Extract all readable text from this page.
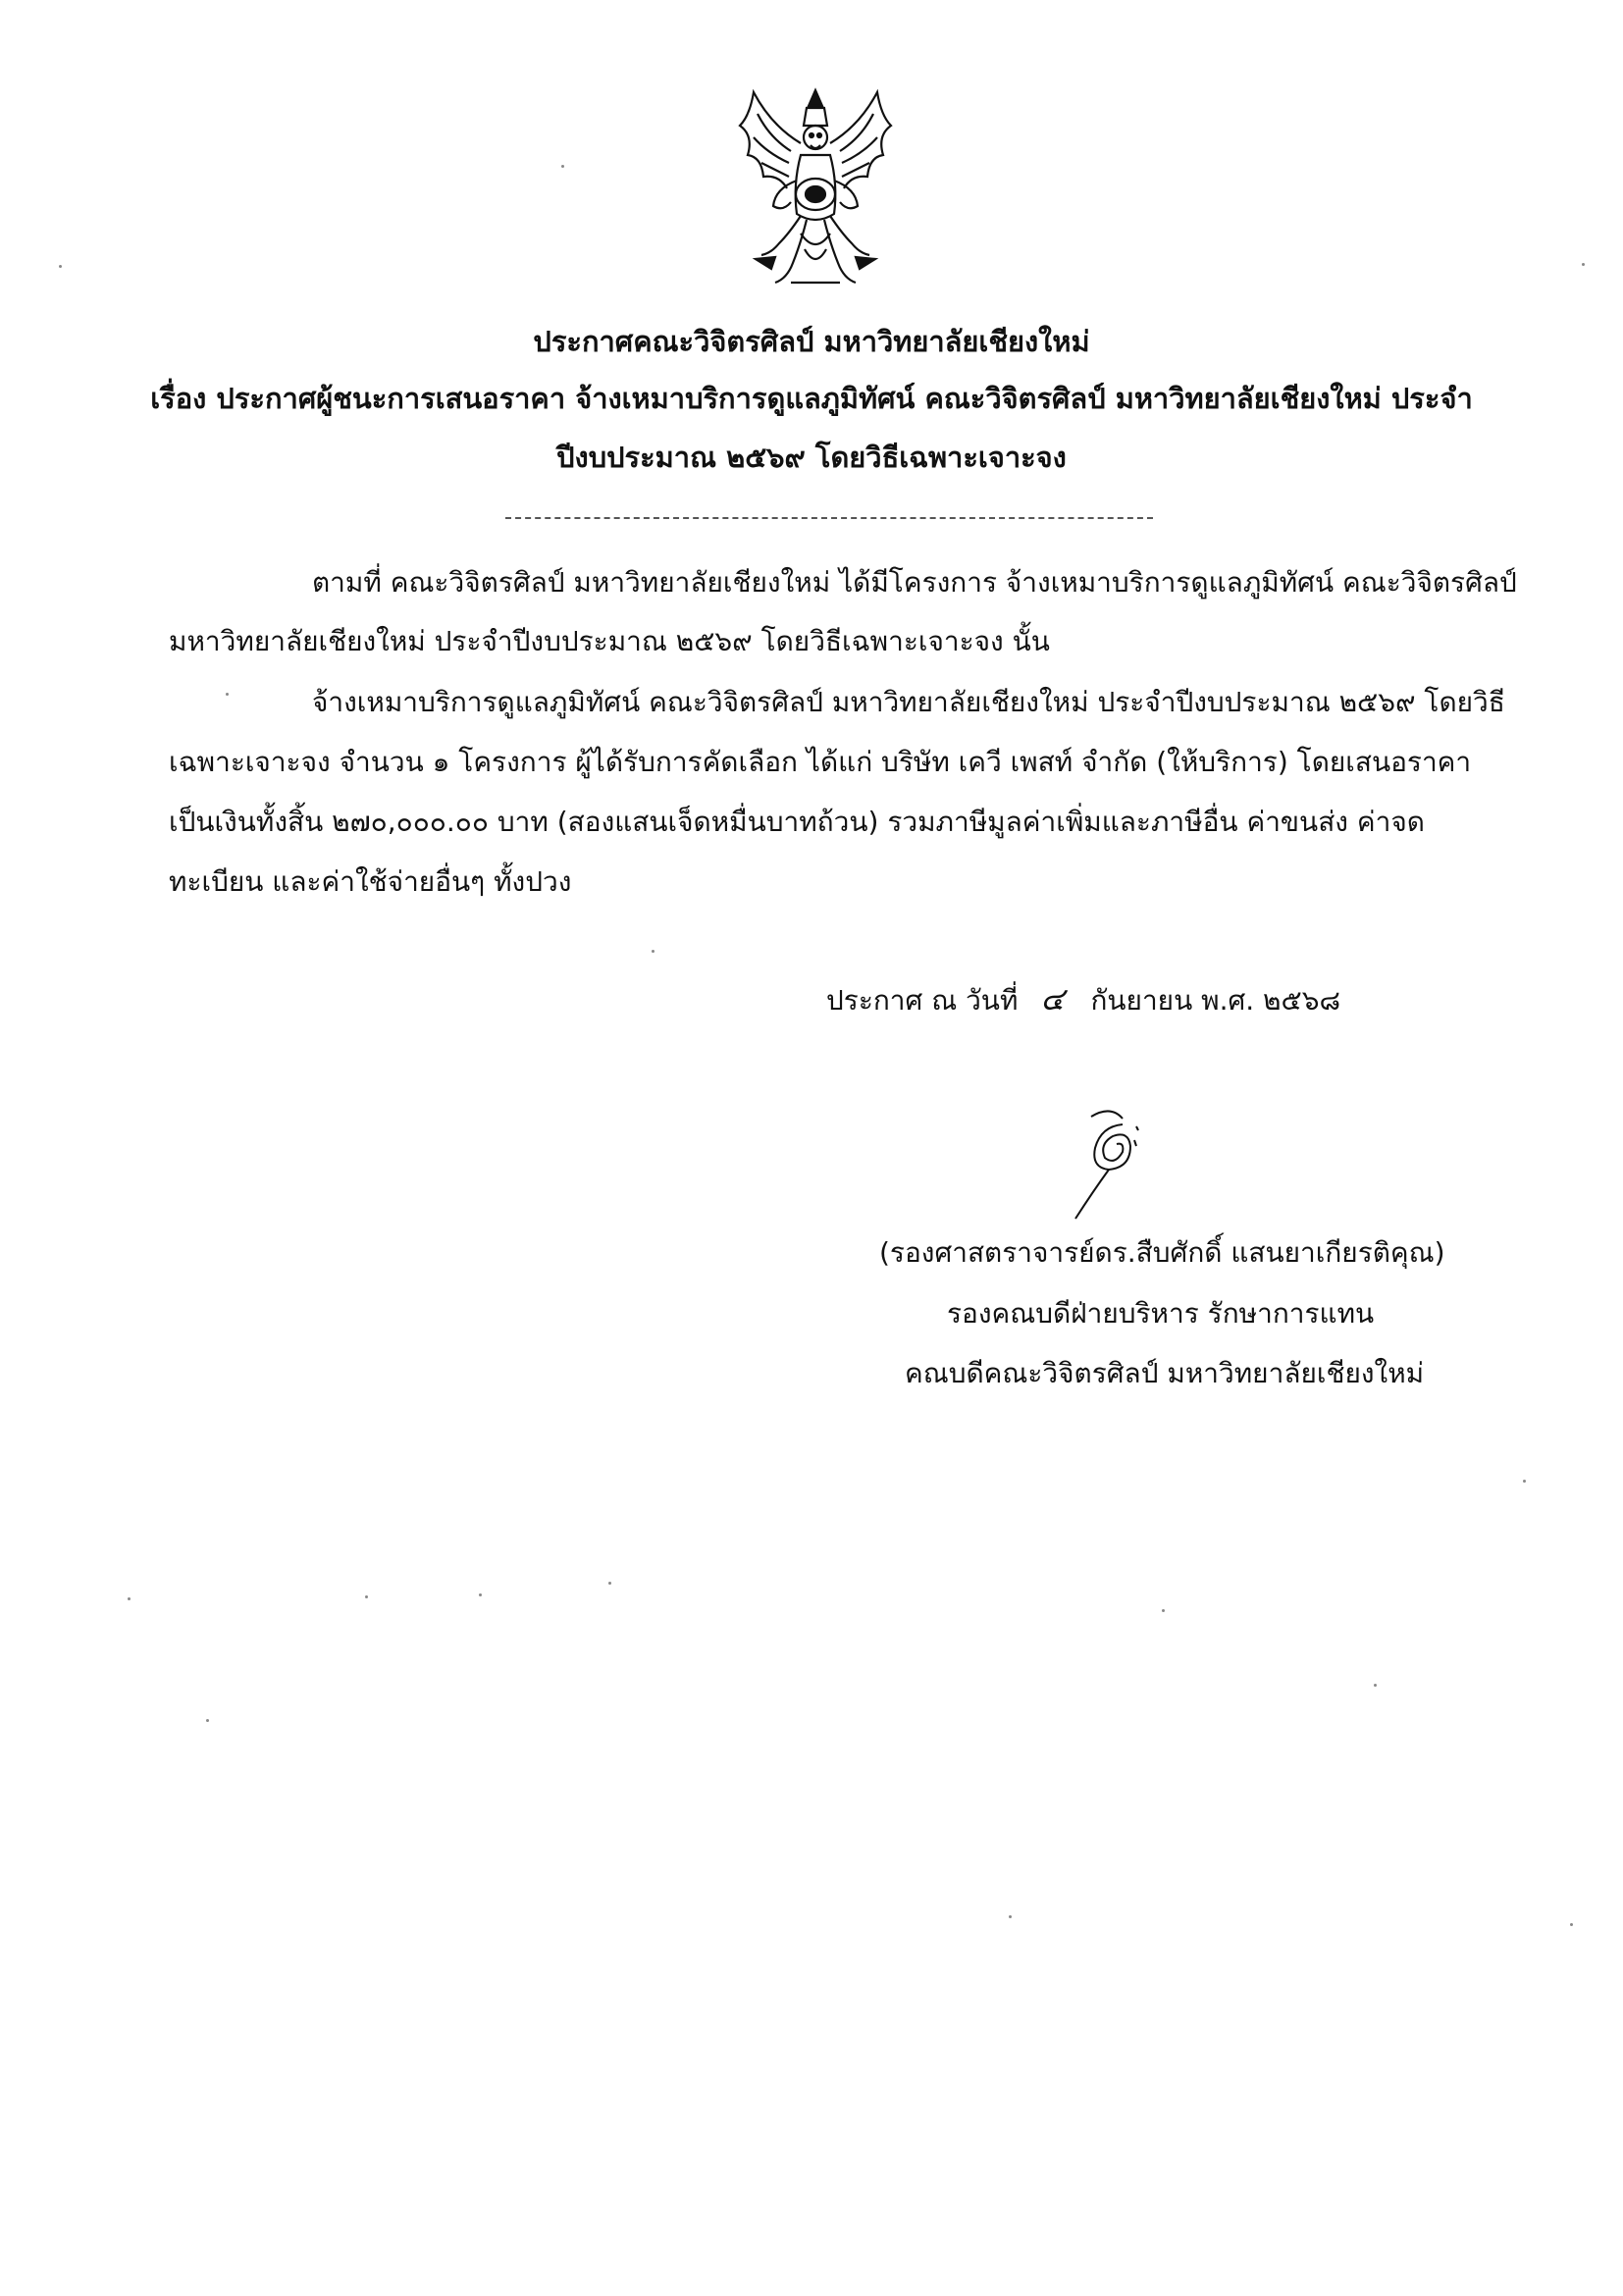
ประกาศคณะวิจิตรศิลป์ มหาวิทยาลัยเชียงใหม่
เรื่อง ประกาศผู้ชนะการเสนอราคา จ้างเหมาบริการดูแลภูมิทัศน์ คณะวิจิตรศิลป์ มหาวิทยาลัยเชียงใหม่ ประจำ
ปีงบประมาณ ๒๕๖๙ โดยวิธีเฉพาะเจาะจง
ตามที่ คณะวิจิตรศิลป์ มหาวิทยาลัยเชียงใหม่ ได้มีโครงการ จ้างเหมาบริการดูแลภูมิทัศน์ คณะวิจิตรศิลป์
มหาวิทยาลัยเชียงใหม่ ประจำปีงบประมาณ ๒๕๖๙ โดยวิธีเฉพาะเจาะจง นั้น
จ้างเหมาบริการดูแลภูมิทัศน์ คณะวิจิตรศิลป์ มหาวิทยาลัยเชียงใหม่ ประจำปีงบประมาณ ๒๕๖๙ โดยวิธี
เฉพาะเจาะจง จำนวน ๑ โครงการ ผู้ได้รับการคัดเลือก ได้แก่ บริษัท เควี เพสท์ จำกัด (ให้บริการ) โดยเสนอราคา
เป็นเงินทั้งสิ้น ๒๗๐,๐๐๐.๐๐ บาท (สองแสนเจ็ดหมื่นบาทถ้วน) รวมภาษีมูลค่าเพิ่มและภาษีอื่น ค่าขนส่ง ค่าจด
ทะเบียน และค่าใช้จ่ายอื่นๆ ทั้งปวง
ประกาศ ณ วันที่ ๔ กันยายน พ.ศ. ๒๕๖๘
(รองศาสตราจารย์ดร.สืบศักดิ์ แสนยาเกียรติคุณ)
รองคณบดีฝ่ายบริหาร รักษาการแทน
คณบดีคณะวิจิตรศิลป์ มหาวิทยาลัยเชียงใหม่
